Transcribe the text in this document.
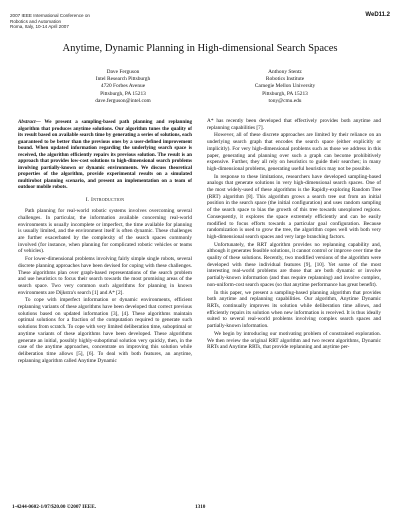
2007 IEEE International Conference on
Robotics and Automation
Roma, Italy, 10-14 April 2007
WeD11.2
Anytime, Dynamic Planning in High-dimensional Search Spaces
Dave Ferguson
Intel Research Pittsburgh
4720 Forbes Avenue
Pittsburgh, PA 15213
dave.ferguson@intel.com
Anthony Stentz
Robotics Institute
Carnegie Mellon University
Pittsburgh, PA 15213
tony@cmu.edu

Abstract— We present a sampling-based path planning and replanning algorithm that produces anytime solutions. Our algorithm tunes the quality of its result based on available search time by generating a series of solutions, each guaranteed to be better than the previous ones by a user-defined improvement bound. When updated information regarding the underlying search space is received, the algorithm efficiently repairs its previous solution. The result is an approach that provides low-cost solutions to high-dimensional search problems involving partially-known or dynamic environments. We discuss theoretical properties of the algorithm, provide experimental results on a simulated multirobot planning scenario, and present an implementation on a team of outdoor mobile robots.

I. Introduction

Path planning for real-world robotic systems involves overcoming several challenges. In particular, the information available concerning real-world environments is usually incomplete or imperfect, the time available for planning is usually limited, and the environment itself is often dynamic. These challenges are further exacerbated by the complexity of the search spaces commonly involved (for instance, when planning for complicated robotic vehicles or teams of vehicles).

For lower-dimensional problems involving fairly simple single robots, several discrete planning approaches have been devised for coping with these challenges. These algorithms plan over graph-based representations of the search problem and use heuristics to focus their search towards the most promising areas of the search space. Two very common such algorithms for planning in known environments are Dijkstra's search [1] and A* [2].

To cope with imperfect information or dynamic environments, efficient replanning variants of these algorithms have been developed that correct previous solutions based on updated information [3], [4]. These algorithms maintain optimal solutions for a fraction of the computation required to generate such solutions from scratch. To cope with very limited deliberation time, suboptimal or anytime variants of these algorithms have been developed. These algorithms generate an initial, possibly highly-suboptimal solution very quickly, then, in the case of the anytime approaches, concentrate on improving this solution while deliberation time allows [5], [6]. To deal with both features, an anytime, replanning algorithm called Anytime Dynamic

A* has recently been developed that effectively provides both anytime and replanning capabilities [7].

However, all of these discrete approaches are limited by their reliance on an underlying search graph that encodes the search space (either explicitly or implicitly). For very high-dimensional problems such as those we address in this paper, generating and planning over such a graph can become prohibitively expensive. Further, they all rely on heuristics to guide their searches; in many high-dimensional problems, generating useful heuristics may not be possible.

In response to these limitations, researchers have developed sampling-based analogs that generate solutions in very high-dimensional search spaces. One of the most widely-used of these algorithms is the Rapidly-exploring Random Tree (RRT) algorithm [8]. This algorithm grows a search tree out from an initial position in the search space (the initial configuration) and uses random sampling of the search space to bias the growth of this tree towards unexplored regions. Consequently, it explores the space extremely efficiently and can be easily modified to focus efforts towards a particular goal configuration. Because randomization is used to grow the tree, the algorithm copes well with both very high-dimensional search spaces and very large branching factors.

Unfortunately, the RRT algorithm provides no replanning capability and, although it generates feasible solutions, it cannot control or improve over time the quality of these solutions. Recently, two modified versions of the algorithm were developed with these individual features [9], [10]. Yet some of the most interesting real-world problems are those that are both dynamic or involve partially-known information (and thus require replanning) and involve complex, non-uniform-cost search spaces (so that anytime performance has great benefit).

In this paper, we present a sampling-based planning algorithm that provides both anytime and replanning capabilities. Our algorithm, Anytime Dynamic RRTs, continually improves its solution while deliberation time allows, and efficiently repairs its solution when new information is received. It is thus ideally suited to several real-world problems involving complex search spaces and partially-known information.

We begin by introducing our motivating problem of constrained exploration. We then review the original RRT algorithm and two recent algorithms, Dynamic RRTs and Anytime RRTs, that provide replanning and anytime per-

1-4244-0602-1/07/$20.00 ©2007 IEEE.	1310
